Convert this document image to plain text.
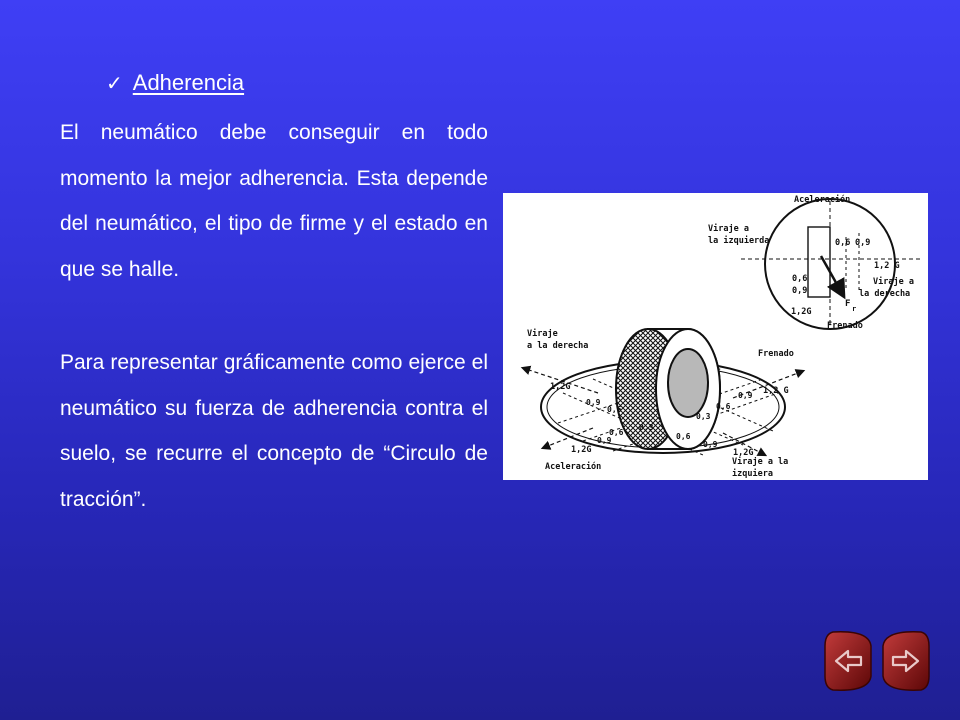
✓ Adherencia

El neumático debe conseguir en todo momento la mejor adherencia. Esta depende del neumático, el tipo de firme y el estado en que se halle.

Para representar gráficamente como ejerce el neumático su fuerza de adherencia contra el suelo, se recurre el concepto de “Circulo de tracción”.

Aceleración
Viraje a
la izquierda	0,6 0,9
1,2 G
Viraje a
la derecha
0,6
0,9
1,2G
F r
Frenado
Viraje
a la derecha
Frenado
1,2G	1,2 G
0,9
0,6
0,3
0,6
0,9
0,9
0,6
0,3
0,6
0,9
1,2G	1,2G
Aceleración	Viraje a la
izquiera
